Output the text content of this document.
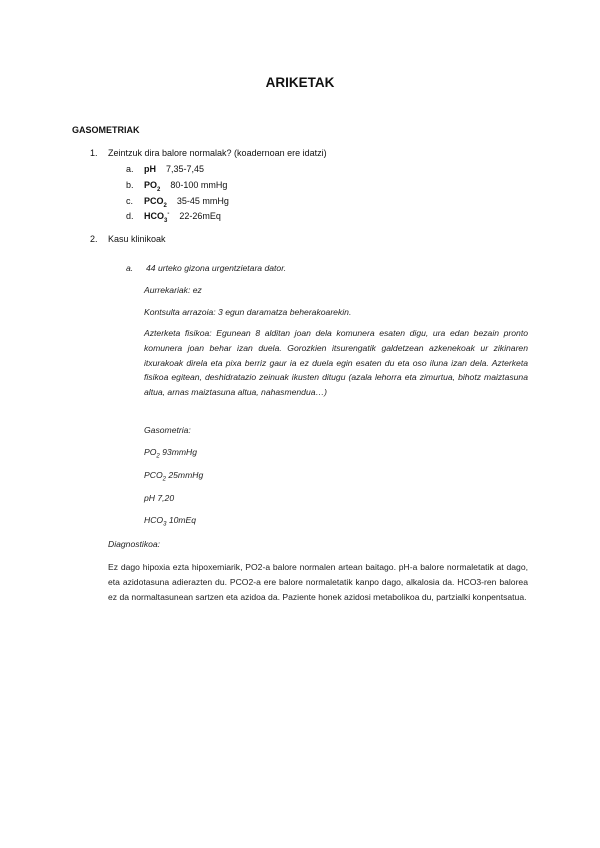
ARIKETAK
GASOMETRIAK
1. Zeintzuk dira balore normalak? (koadernoan ere idatzi)
a. pH 7,35-7,45
b. $PO_2$ 80-100 mmHg
c. $PCO_2$ 35-45 mmHg
d. $HCO_3^-$ 22-26mEq
2. Kasu klinikoak
a. 44 urteko gizona urgentzietara dator.
Aurrekariak: ez
Kontsulta arrazoia: 3 egun daramatza beherakoarekin.
Azterketa fisikoa: Egunean 8 alditan joan dela komunera esaten digu, ura edan bezain pronto komunera joan behar izan duela. Gorozkien itsurengatik galdetzean azkenekoak ur zikinaren itxurakoak direla eta pixa berriz gaur ia ez duela egin esaten du eta oso iluna izan dela. Azterketa fisikoa egitean, deshidratazio zeinuak ikusten ditugu (azala lehorra eta zimurtua, bihotz maiztasuna altua, arnas maiztasuna altua, nahasmendua…)
Gasometria:
$PO_2$ 93mmHg
$PCO_2$ 25mmHg
pH 7,20
$HCO_3$ 10mEq
Diagnostikoa:
Ez dago hipoxia ezta hipoxemiarik, PO2-a balore normalen artean baitago. pH-a balore normaletatik at dago, eta azidotasuna adierazten du. PCO2-a ere balore normaletatik kanpo dago, alkalosia da. HCO3-ren balorea ez da normaltasunean sartzen eta azidoa da. Paziente honek azidosi metabolikoa du, partzialki konpentsatua.
